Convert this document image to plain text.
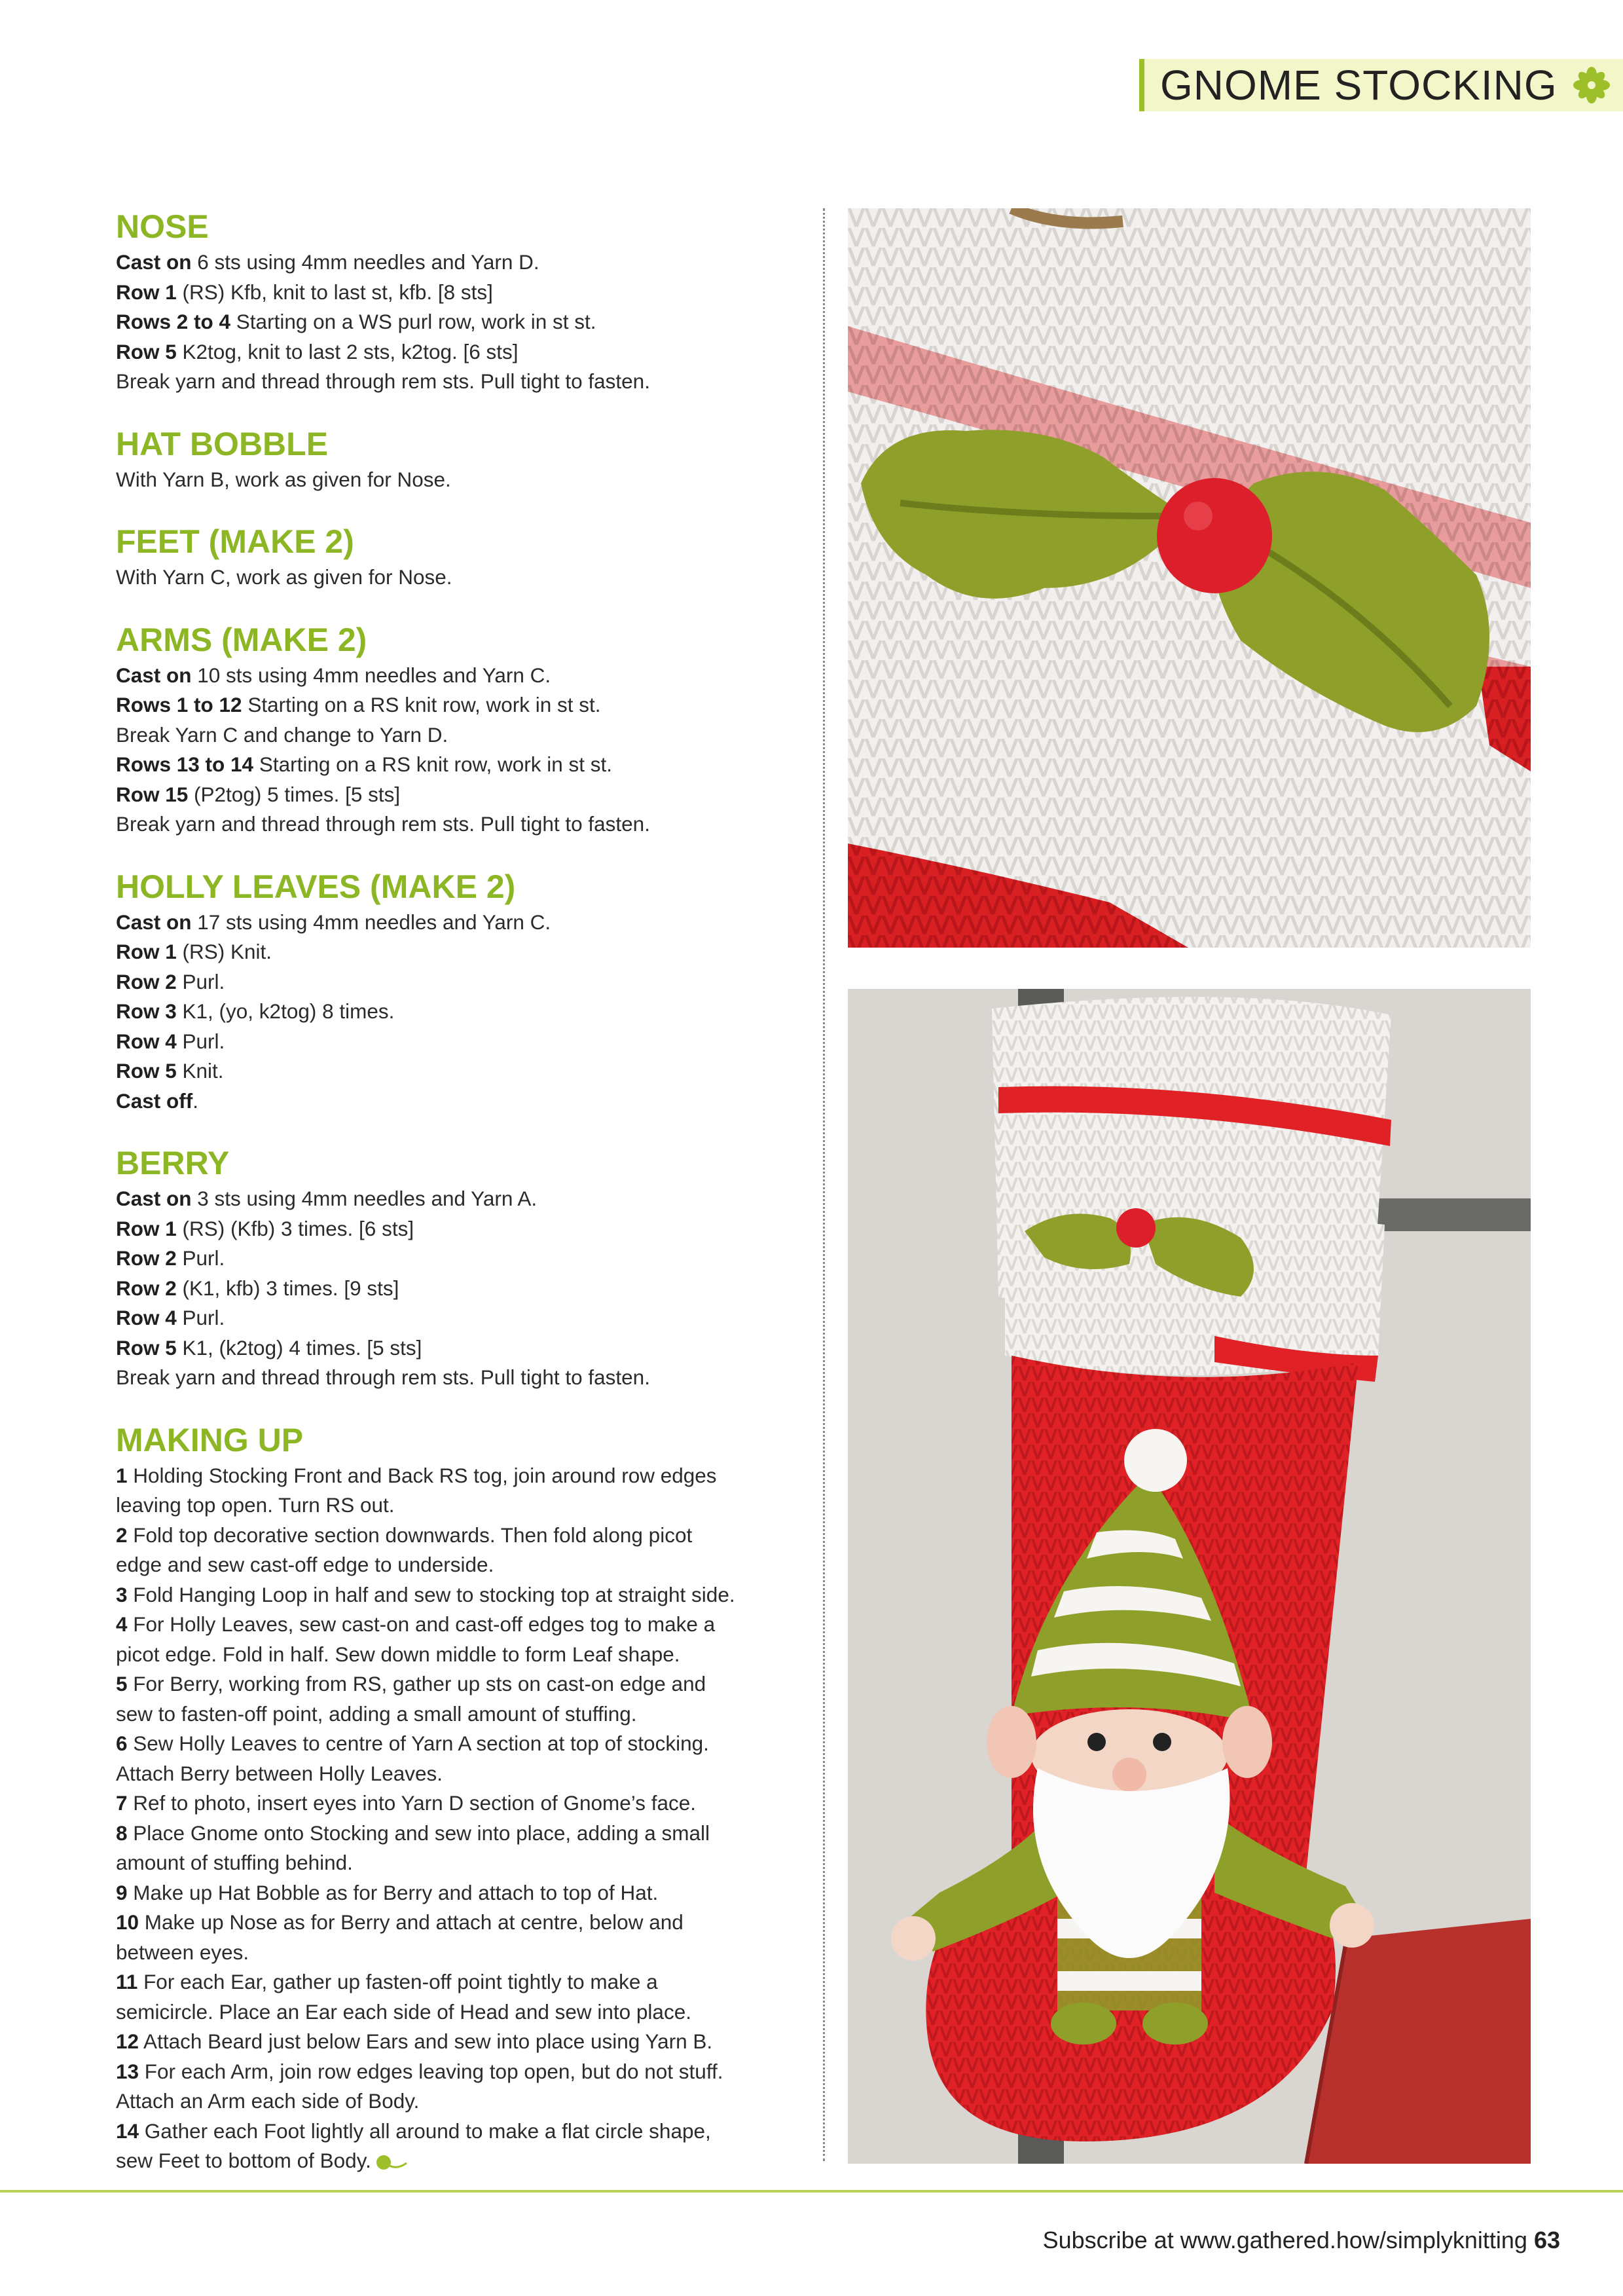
GNOME STOCKING
NOSE

Cast on 6 sts using 4mm needles and Yarn D.

Row 1 (RS) Kfb, knit to last st, kfb. [8 sts]

Rows 2 to 4 Starting on a WS purl row, work in st st.

Row 5 K2tog, knit to last 2 sts, k2tog. [6 sts]

Break yarn and thread through rem sts. Pull tight to fasten.

HAT BOBBLE

With Yarn B, work as given for Nose.

FEET (MAKE 2)

With Yarn C, work as given for Nose.

ARMS (MAKE 2)

Cast on 10 sts using 4mm needles and Yarn C.

Rows 1 to 12 Starting on a RS knit row, work in st st.

Break Yarn C and change to Yarn D.

Rows 13 to 14 Starting on a RS knit row, work in st st.

Row 15 (P2tog) 5 times. [5 sts]

Break yarn and thread through rem sts. Pull tight to fasten.

HOLLY LEAVES (MAKE 2)

Cast on 17 sts using 4mm needles and Yarn C.

Row 1 (RS) Knit.

Row 2 Purl.

Row 3 K1, (yo, k2tog) 8 times.

Row 4 Purl.

Row 5 Knit.

Cast off.

BERRY

Cast on 3 sts using 4mm needles and Yarn A.

Row 1 (RS) (Kfb) 3 times. [6 sts]

Row 2 Purl.

Row 2 (K1, kfb) 3 times. [9 sts]

Row 4 Purl.

Row 5 K1, (k2tog) 4 times. [5 sts]

Break yarn and thread through rem sts. Pull tight to fasten.

MAKING UP

1 Holding Stocking Front and Back RS tog, join around row edges

leaving top open. Turn RS out.

2 Fold top decorative section downwards. Then fold along picot

edge and sew cast-off edge to underside.

3 Fold Hanging Loop in half and sew to stocking top at straight side.

4 For Holly Leaves, sew cast-on and cast-off edges tog to make a

picot edge. Fold in half. Sew down middle to form Leaf shape.

5 For Berry, working from RS, gather up sts on cast-on edge and

sew to fasten-off point, adding a small amount of stuffing.

6 Sew Holly Leaves to centre of Yarn A section at top of stocking.

Attach Berry between Holly Leaves.

7 Ref to photo, insert eyes into Yarn D section of Gnome’s face.

8 Place Gnome onto Stocking and sew into place, adding a small

amount of stuffing behind.

9 Make up Hat Bobble as for Berry and attach to top of Hat.

10 Make up Nose as for Berry and attach at centre, below and

between eyes.

11 For each Ear, gather up fasten-off point tightly to make a

semicircle. Place an Ear each side of Head and sew into place.

12 Attach Beard just below Ears and sew into place using Yarn B.

13 For each Arm, join row edges leaving top open, but do not stuff.

Attach an Arm each side of Body.

14 Gather each Foot lightly all around to make a flat circle shape,

sew Feet to bottom of Body.

Subscribe at www.gathered.how/simplyknitting 63
